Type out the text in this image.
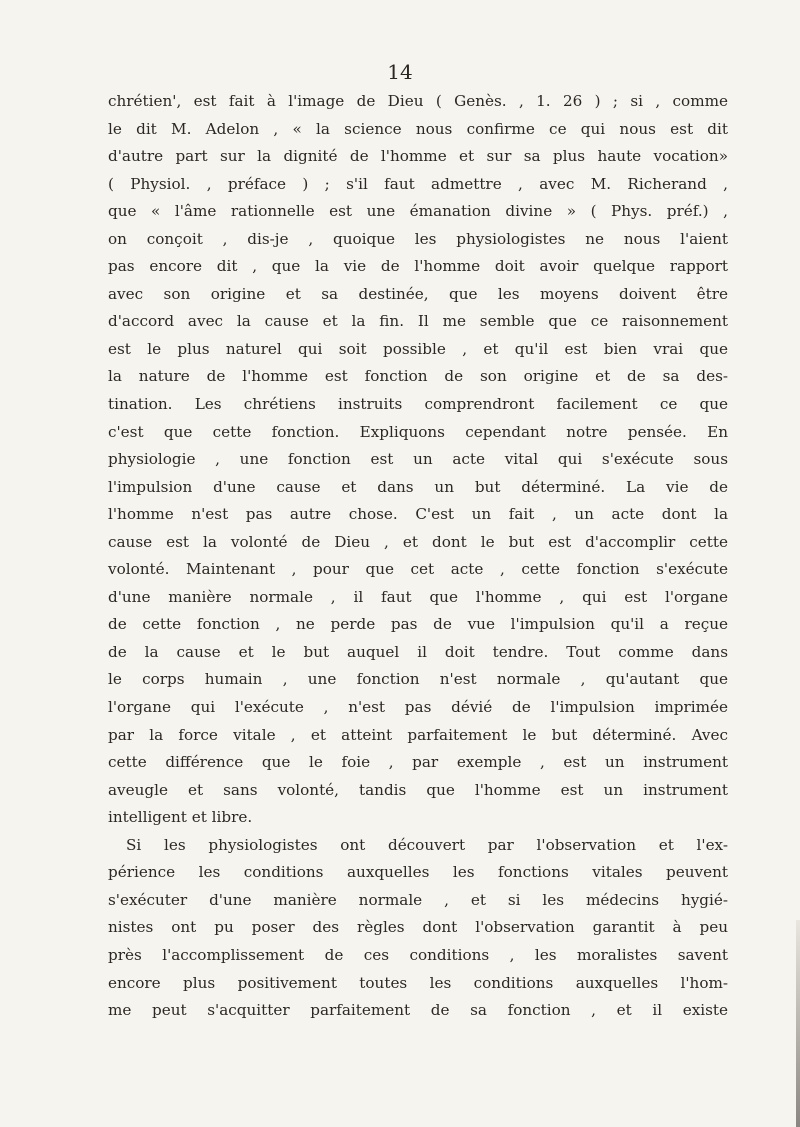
14
chrétien', est fait à l'image de Dieu ( Genès. , 1. 26 ) ; si , comme
le dit M. Adelon , « la science nous confirme ce qui nous est dit
d'autre part sur la dignité de l'homme et sur sa plus haute vocation»
( Physiol. , préface ) ; s'il faut admettre , avec M. Richerand ,
que « l'âme rationnelle est une émanation divine » ( Phys. préf.) ,
on conçoit , dis-je , quoique les physiologistes ne nous l'aient
pas encore dit , que la vie de l'homme doit avoir quelque rapport
avec son origine et sa destinée, que les moyens doivent être
d'accord avec la cause et la fin. Il me semble que ce raisonnement
est le plus naturel qui soit possible , et qu'il est bien vrai que
la nature de l'homme est fonction de son origine et de sa des-
tination. Les chrétiens instruits comprendront facilement ce que
c'est que cette fonction. Expliquons cependant notre pensée. En
physiologie , une fonction est un acte vital qui s'exécute sous
l'impulsion d'une cause et dans un but déterminé. La vie de
l'homme n'est pas autre chose. C'est un fait , un acte dont la
cause est la volonté de Dieu , et dont le but est d'accomplir cette
volonté. Maintenant , pour que cet acte , cette fonction s'exécute
d'une manière normale , il faut que l'homme , qui est l'organe
de cette fonction , ne perde pas de vue l'impulsion qu'il a reçue
de la cause et le but auquel il doit tendre. Tout comme dans
le corps humain , une fonction n'est normale , qu'autant que
l'organe qui l'exécute , n'est pas dévié de l'impulsion imprimée
par la force vitale , et atteint parfaitement le but déterminé. Avec
cette différence que le foie , par exemple , est un instrument
aveugle et sans volonté, tandis que l'homme est un instrument
intelligent et libre.
Si les physiologistes ont découvert par l'observation et l'ex-
périence les conditions auxquelles les fonctions vitales peuvent
s'exécuter d'une manière normale , et si les médecins hygié-
nistes ont pu poser des règles dont l'observation garantit à peu
près l'accomplissement de ces conditions , les moralistes savent
encore plus positivement toutes les conditions auxquelles l'hom-
me peut s'acquitter parfaitement de sa fonction , et il existe
